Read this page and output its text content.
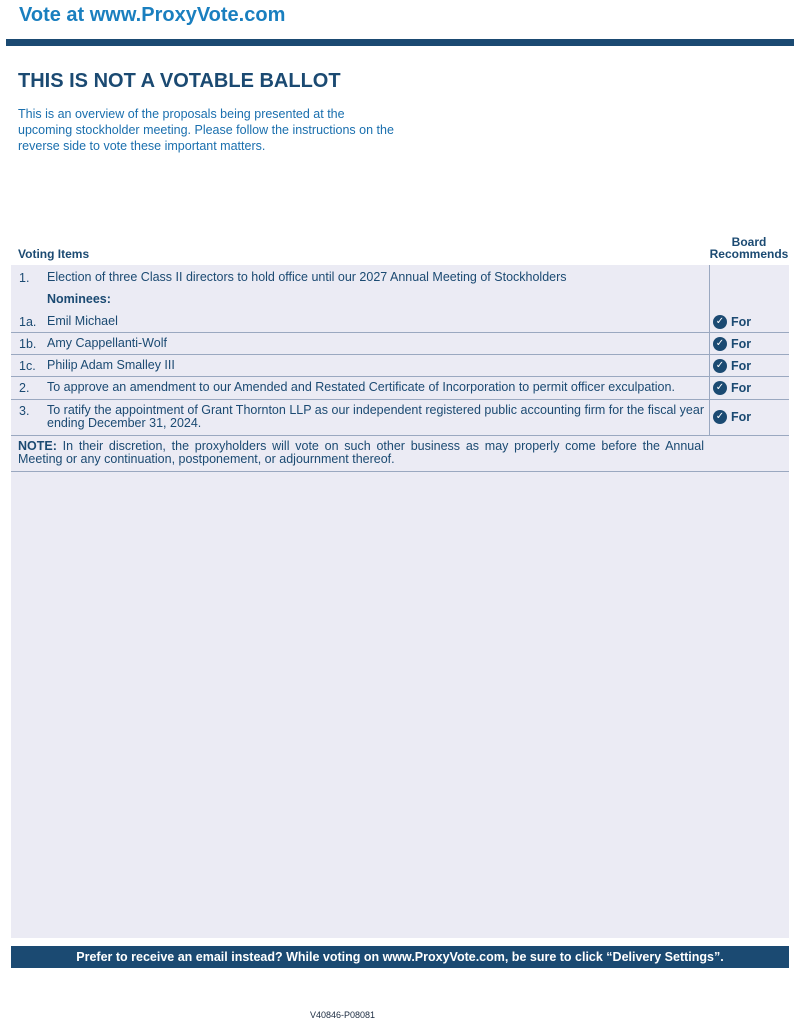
Vote at www.ProxyVote.com
THIS IS NOT A VOTABLE BALLOT
This is an overview of the proposals being presented at the upcoming stockholder meeting. Please follow the instructions on the reverse side to vote these important matters.
Voting Items
Board
Recommends
1. Election of three Class II directors to hold office until our 2027 Annual Meeting of Stockholders
Nominees:
1a. Emil Michael	✓ For
1b. Amy Cappellanti-Wolf	✓ For
1c. Philip Adam Smalley III	✓ For
2. To approve an amendment to our Amended and Restated Certificate of Incorporation to permit officer exculpation.	✓ For
3. To ratify the appointment of Grant Thornton LLP as our independent registered public accounting firm for the fiscal year ending December 31, 2024.	✓ For
NOTE: In their discretion, the proxyholders will vote on such other business as may properly come before the Annual Meeting or any continuation, postponement, or adjournment thereof.
Prefer to receive an email instead? While voting on www.ProxyVote.com, be sure to click “Delivery Settings”.
V40846-P08081
